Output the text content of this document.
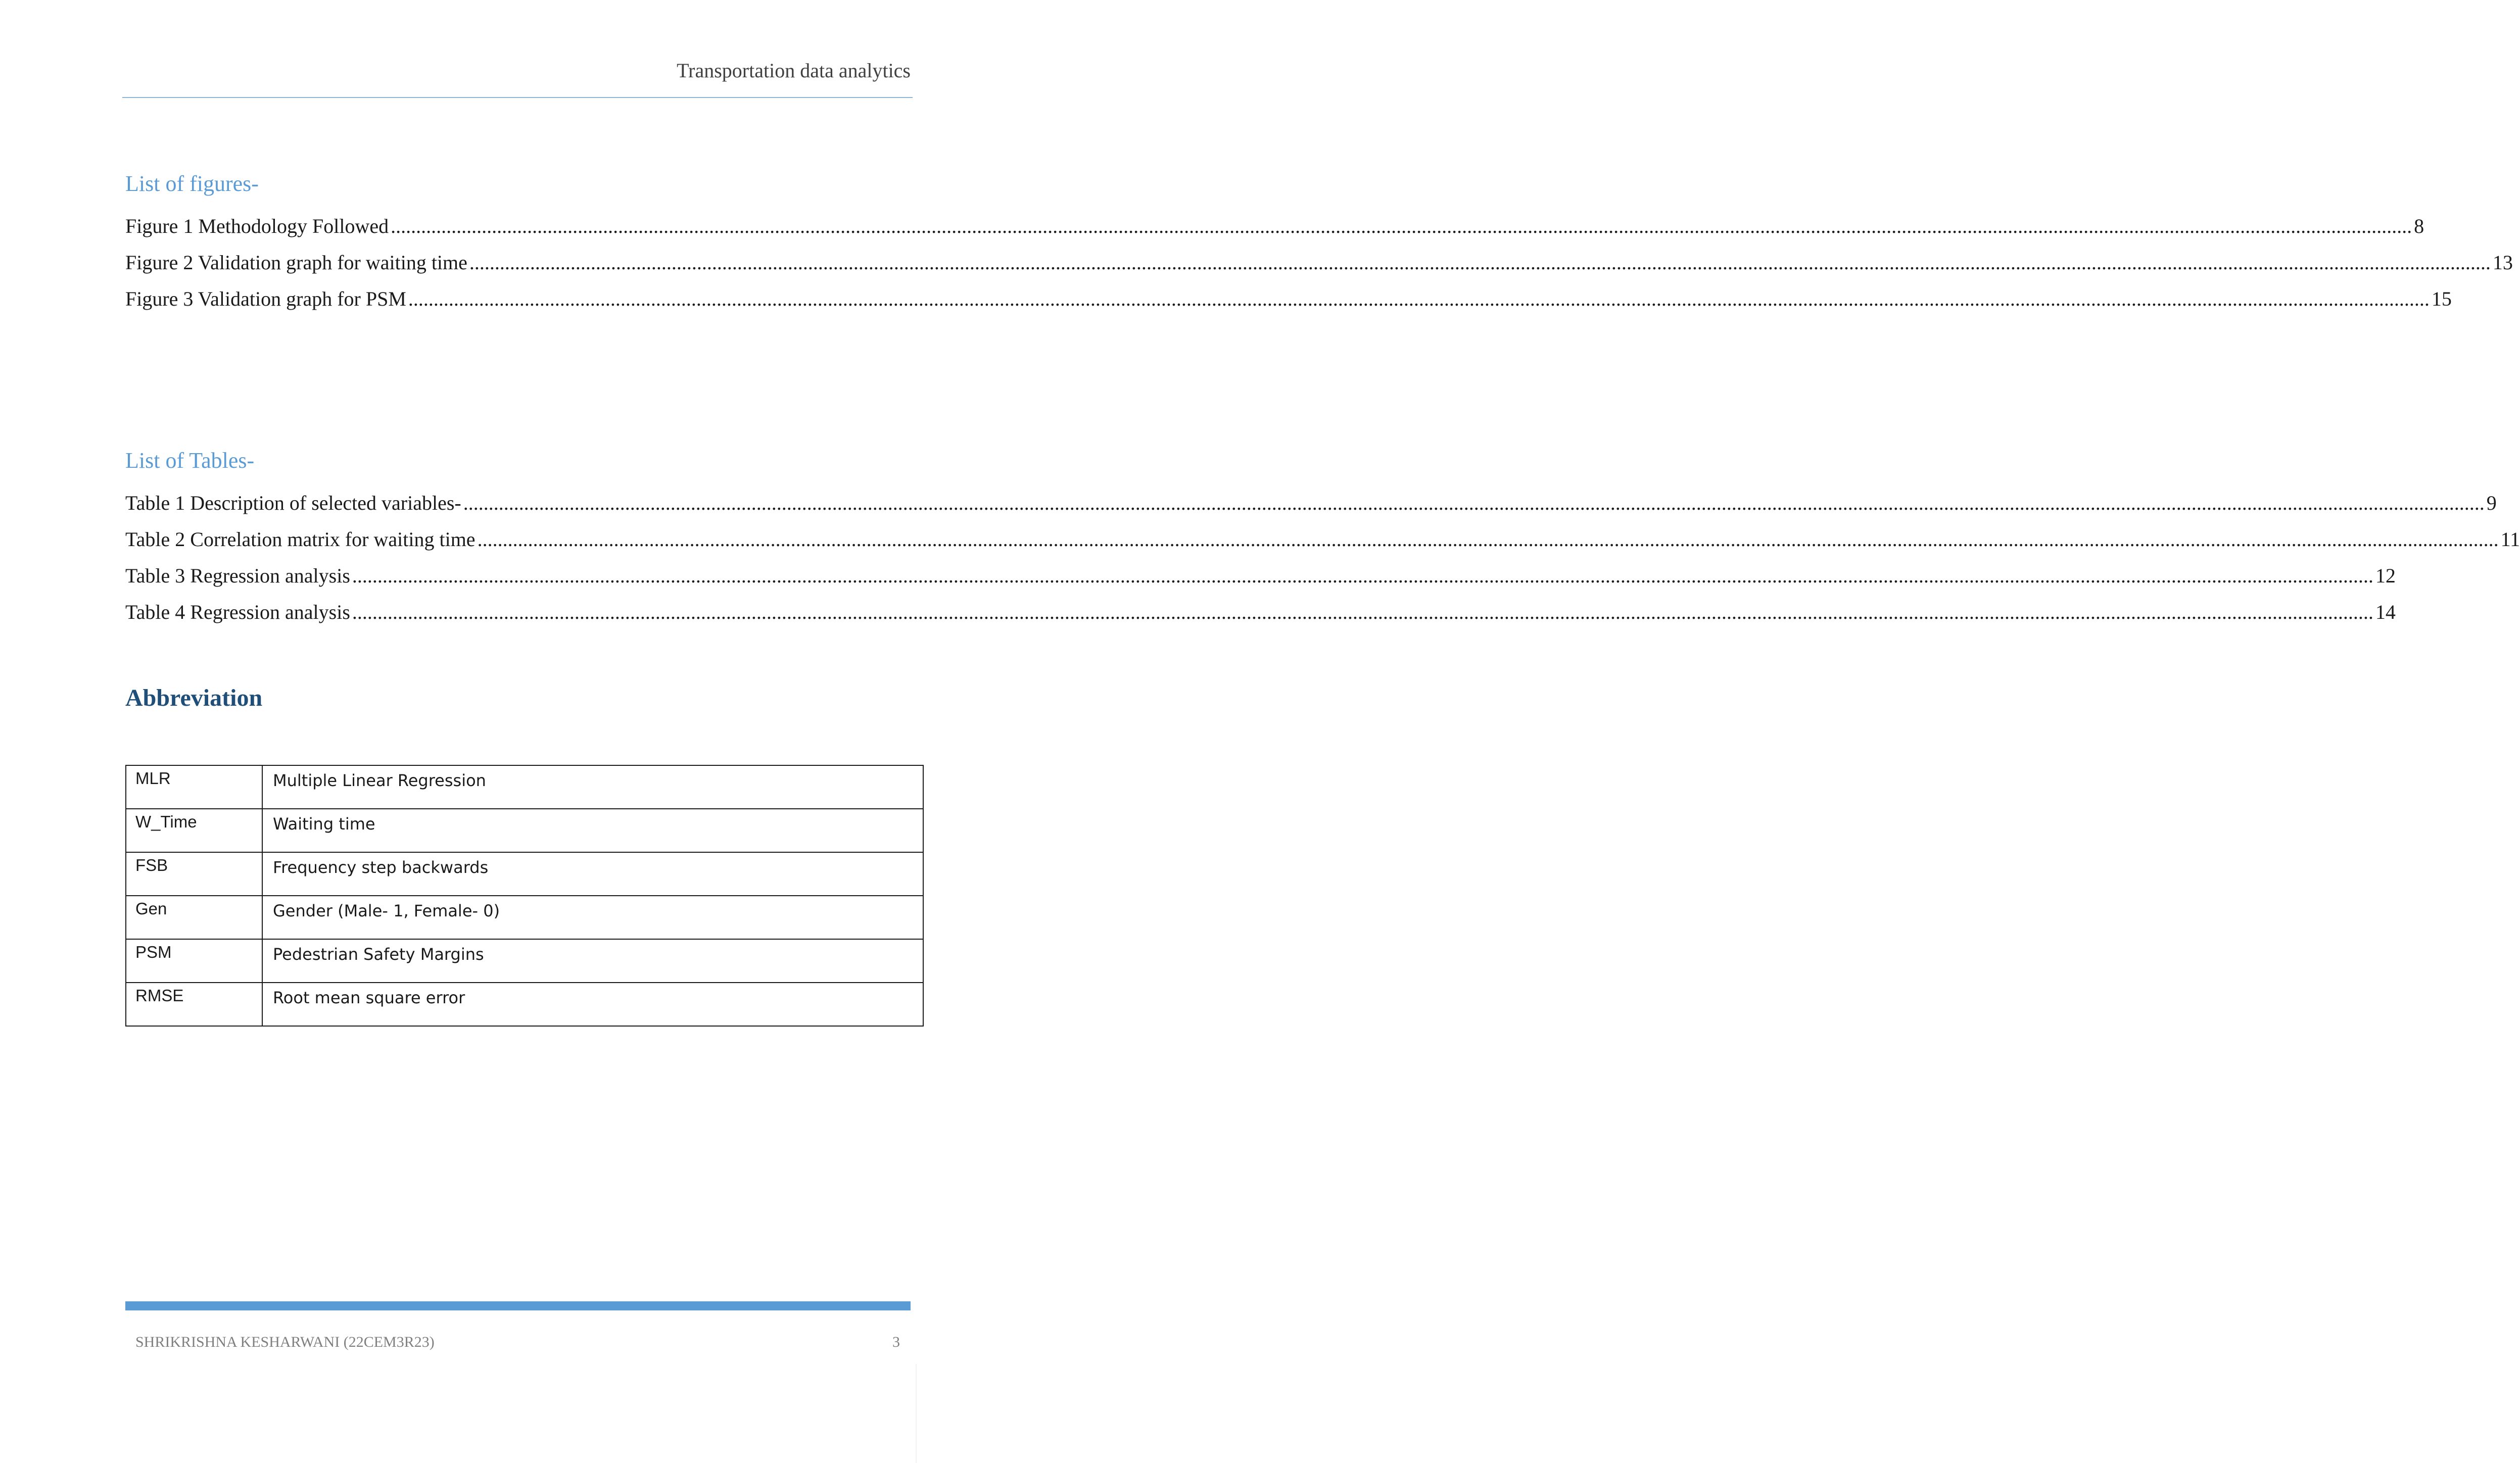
Transportation data analytics
List of figures-
Figure 1 Methodology Followed ................................................................................................................................................................................................................................................................................................................................................................................................................ 8
Figure 2 Validation graph for waiting time ................................................................................................................................................................................................................................................................................................................................................................................................................ 13
Figure 3 Validation graph for PSM ................................................................................................................................................................................................................................................................................................................................................................................................................ 15
List of Tables-
Table 1 Description of selected variables- ................................................................................................................................................................................................................................................................................................................................................................................................................ 9
Table 2 Correlation matrix for waiting time ................................................................................................................................................................................................................................................................................................................................................................................................................ 11
Table 3 Regression analysis ................................................................................................................................................................................................................................................................................................................................................................................................................ 12
Table 4 Regression analysis ................................................................................................................................................................................................................................................................................................................................................................................................................ 14
Abbreviation
MLR	Multiple Linear Regression
W_Time	Waiting time
FSB	Frequency step backwards
Gen	Gender (Male- 1, Female- 0)
PSM	Pedestrian Safety Margins
RMSE	Root mean square error
SHRIKRISHNA KESHARWANI (22CEM3R23)	3
